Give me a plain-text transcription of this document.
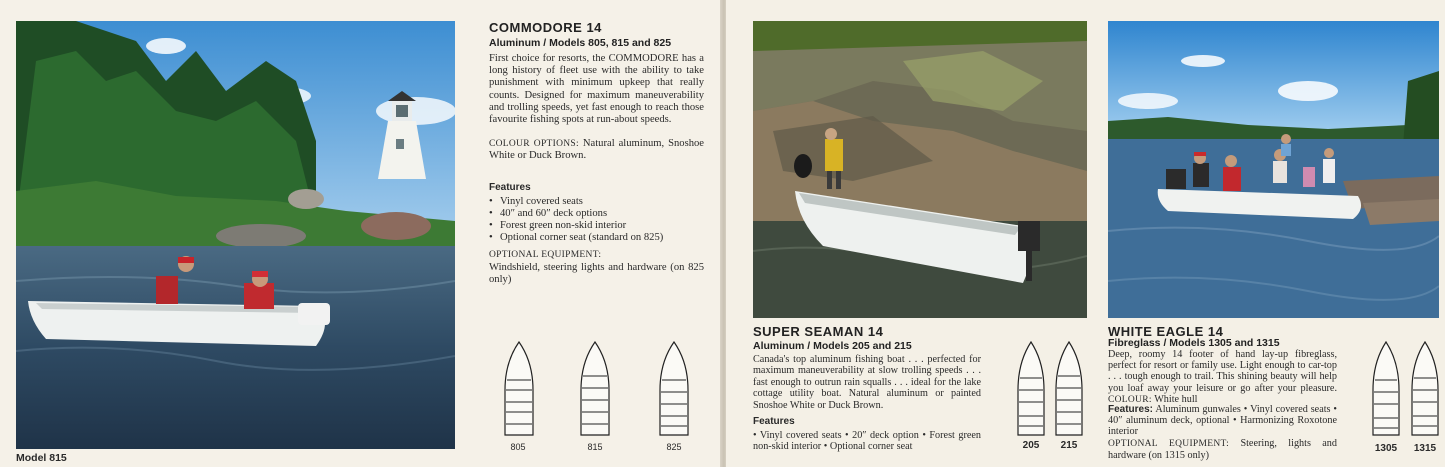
Model 815
COMMODORE 14
Aluminum / Models 805, 815 and 825

First choice for resorts, the COMMODORE has a long history of fleet use with the ability to take punishment with minimum upkeep that really counts. Designed for maximum maneuverability and trolling speeds, yet fast enough to reach those favourite fishing spots at run-about speeds.

COLOUR OPTIONS: Natural aluminum, Snoshoe White or Duck Brown.

Features
• Vinyl covered seats
• 40″ and 60″ deck options
• Forest green non-skid interior
• Optional corner seat (standard on 825)

OPTIONAL EQUIPMENT:

Windshield, steering lights and hardware (on 825 only)

805	815	825
SUPER SEAMAN 14
Aluminum / Models 205 and 215

Canada's top aluminum fishing boat . . . perfected for maximum maneuverability at slow trolling speeds . . . fast enough to outrun rain squalls . . . ideal for the lake cottage utility boat. Natural aluminum or painted Snoshoe White or Duck Brown.

Features

• Vinyl covered seats • 20″ deck option • Forest green non-skid interior • Optional corner seat	205	215
WHITE EAGLE 14
Fibreglass / Models 1305 and 1315

Deep, roomy 14 footer of hand lay-up fibreglass, perfect for resort or family use. Light enough to car-top . . . tough enough to trail. This shining beauty will help you loaf away your leisure or go after your pleasure. COLOUR: White hull

Features: Aluminum gunwales • Vinyl covered seats • 40″ aluminum deck, optional • Harmonizing Roxotone interior

OPTIONAL EQUIPMENT: Steering, lights and hardware (on 1315 only)

1305	1315
